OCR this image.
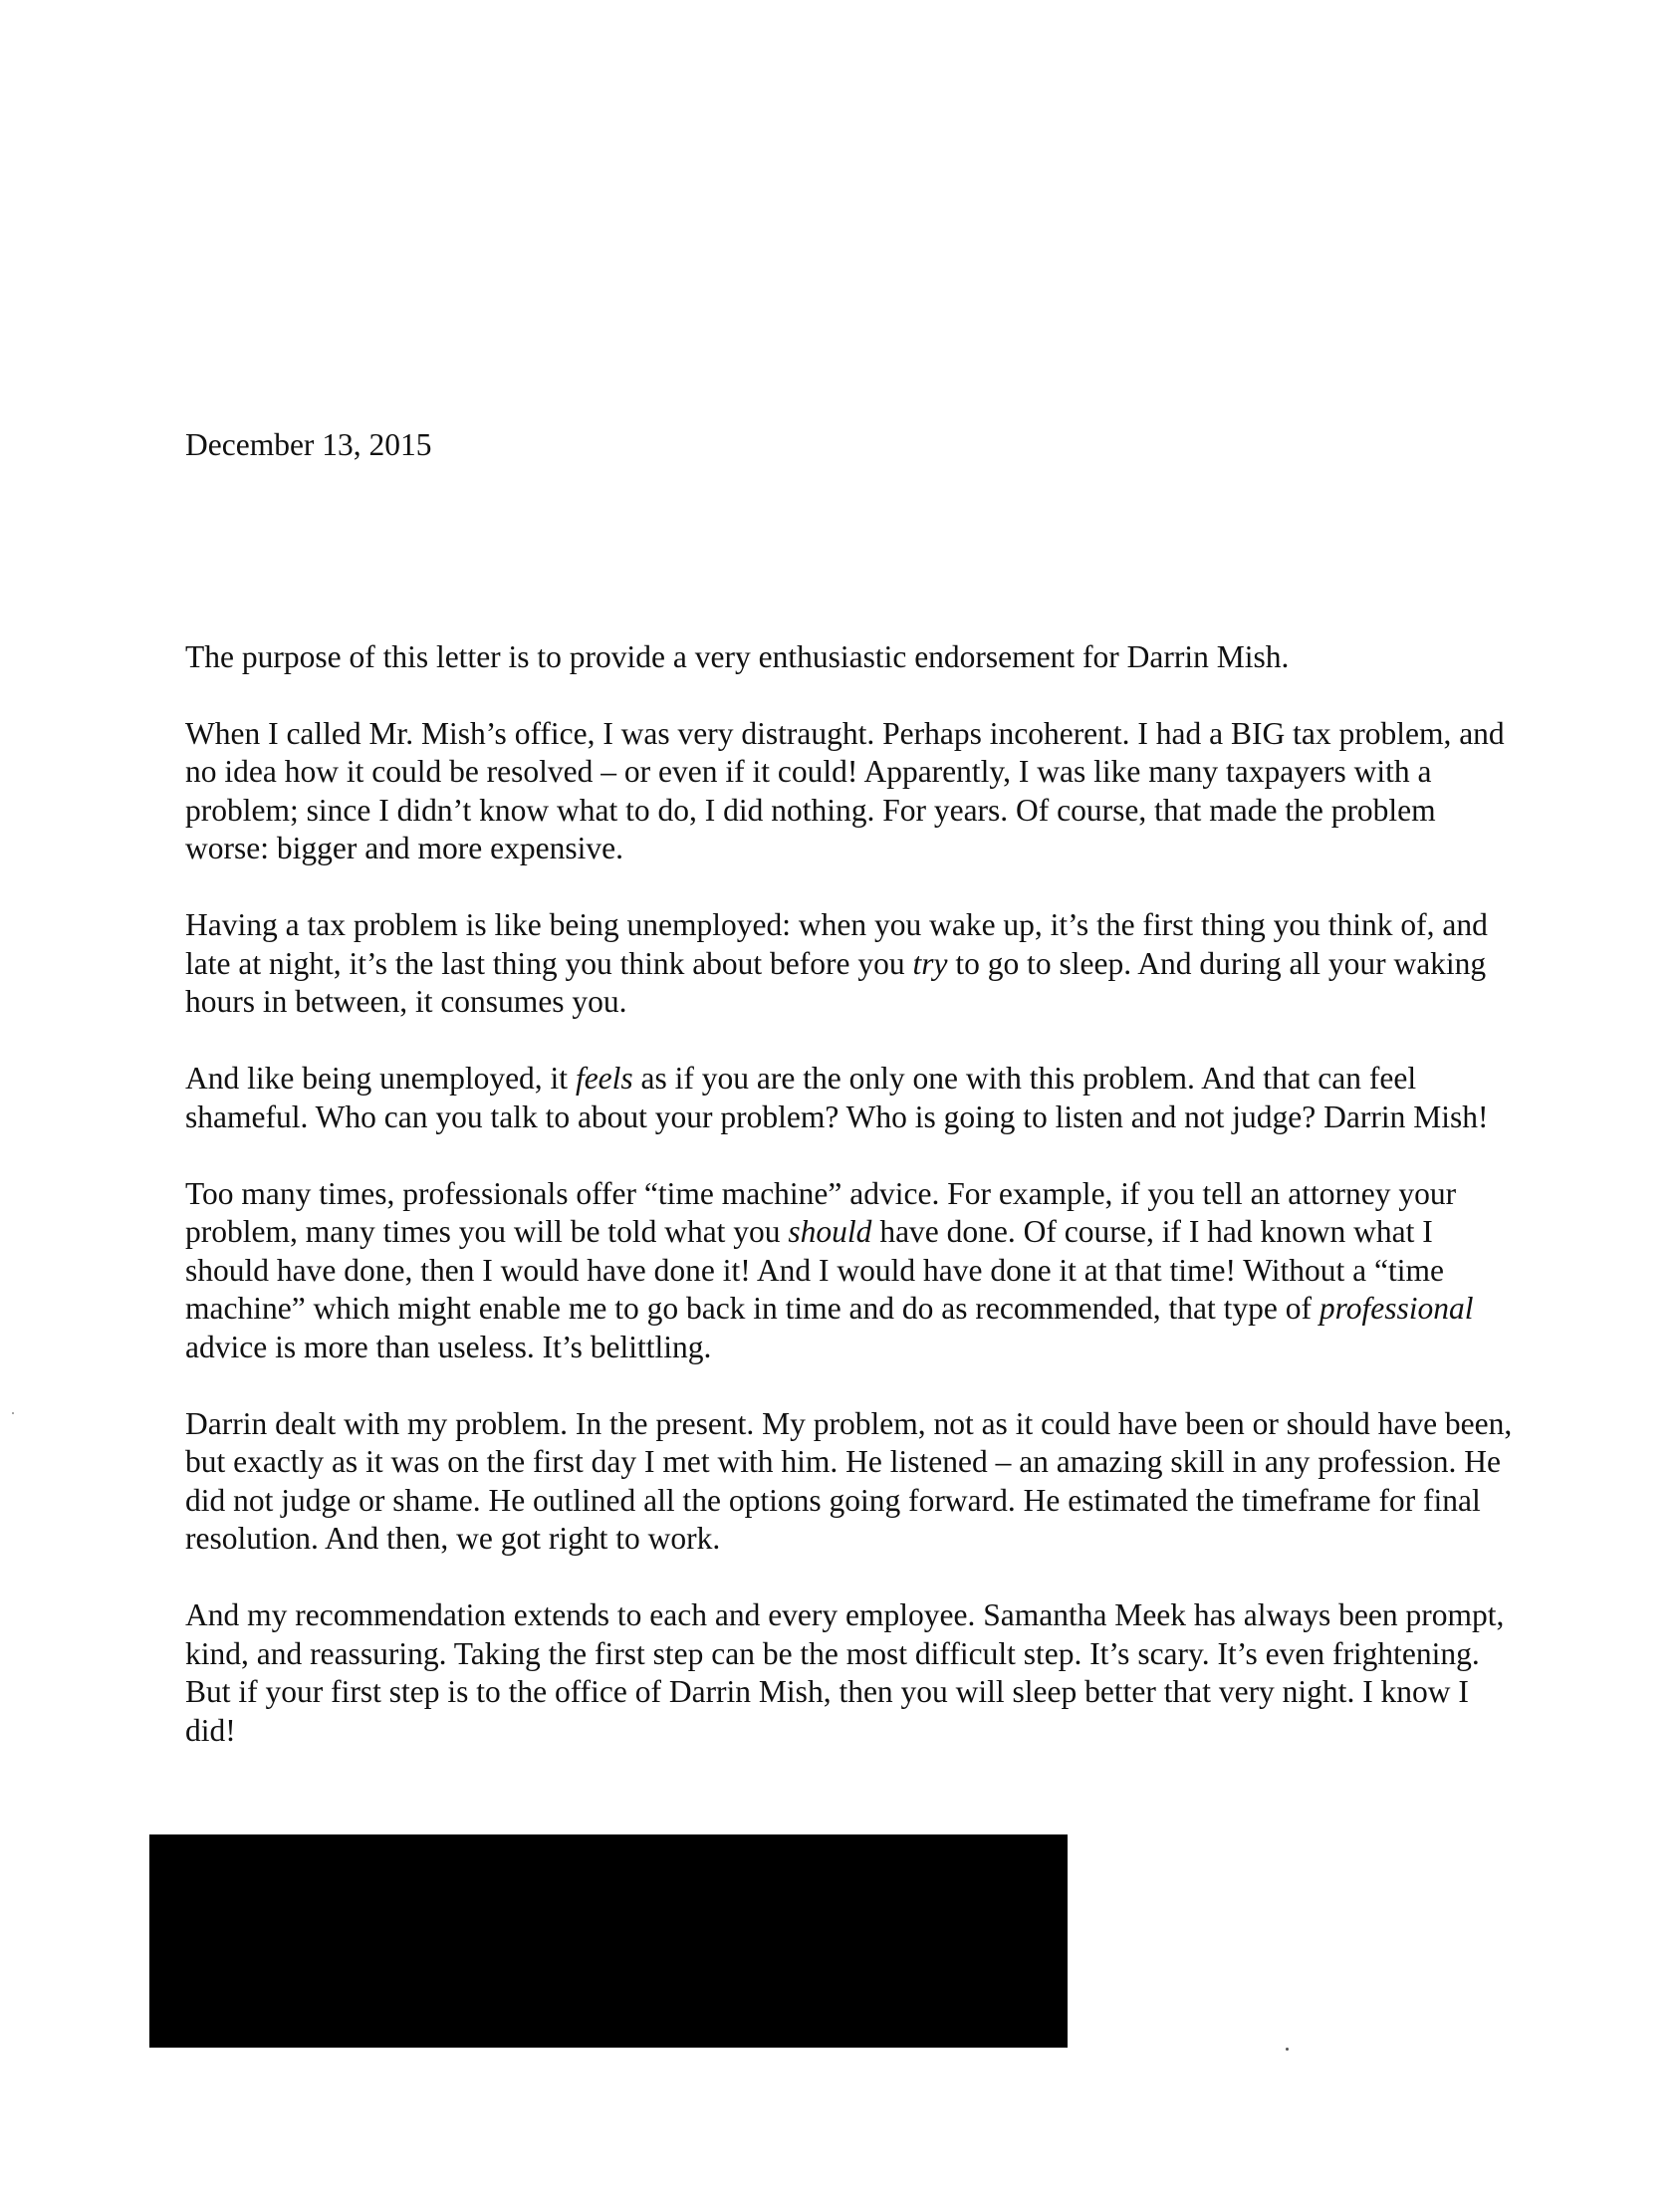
December 13, 2015

The purpose of this letter is to provide a very enthusiastic endorsement for Darrin Mish.

When I called Mr. Mish’s office, I was very distraught. Perhaps incoherent. I had a BIG tax problem, and no idea how it could be resolved – or even if it could! Apparently, I was like many taxpayers with a problem; since I didn’t know what to do, I did nothing. For years. Of course, that made the problem worse: bigger and more expensive.

Having a tax problem is like being unemployed: when you wake up, it’s the first thing you think of, and late at night, it’s the last thing you think about before you try to go to sleep. And during all your waking hours in between, it consumes you.

And like being unemployed, it feels as if you are the only one with this problem. And that can feel shameful. Who can you talk to about your problem? Who is going to listen and not judge? Darrin Mish!

Too many times, professionals offer “time machine” advice. For example, if you tell an attorney your problem, many times you will be told what you should have done. Of course, if I had known what I should have done, then I would have done it! And I would have done it at that time! Without a “time machine” which might enable me to go back in time and do as recommended, that type of professional advice is more than useless. It’s belittling.

Darrin dealt with my problem. In the present. My problem, not as it could have been or should have been, but exactly as it was on the first day I met with him. He listened – an amazing skill in any profession. He did not judge or shame. He outlined all the options going forward. He estimated the timeframe for final resolution. And then, we got right to work.

And my recommendation extends to each and every employee. Samantha Meek has always been prompt, kind, and reassuring. Taking the first step can be the most difficult step. It’s scary. It’s even frightening. But if your first step is to the office of Darrin Mish, then you will sleep better that very night. I know I did!
